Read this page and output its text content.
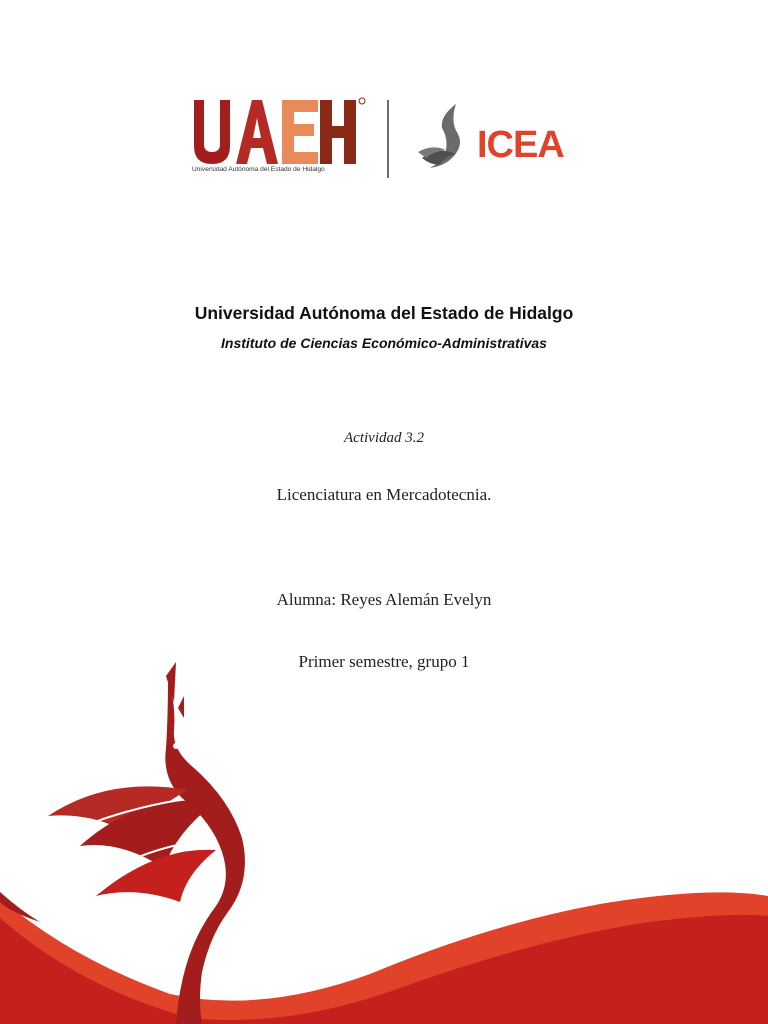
Universidad Autónoma del Estado de Hidalgo
ICEA
Universidad Autónoma del Estado de Hidalgo
Instituto de Ciencias Económico-Administrativas
Actividad 3.2
Licenciatura en Mercadotecnia.
Alumna: Reyes Alemán Evelyn
Primer semestre, grupo 1
